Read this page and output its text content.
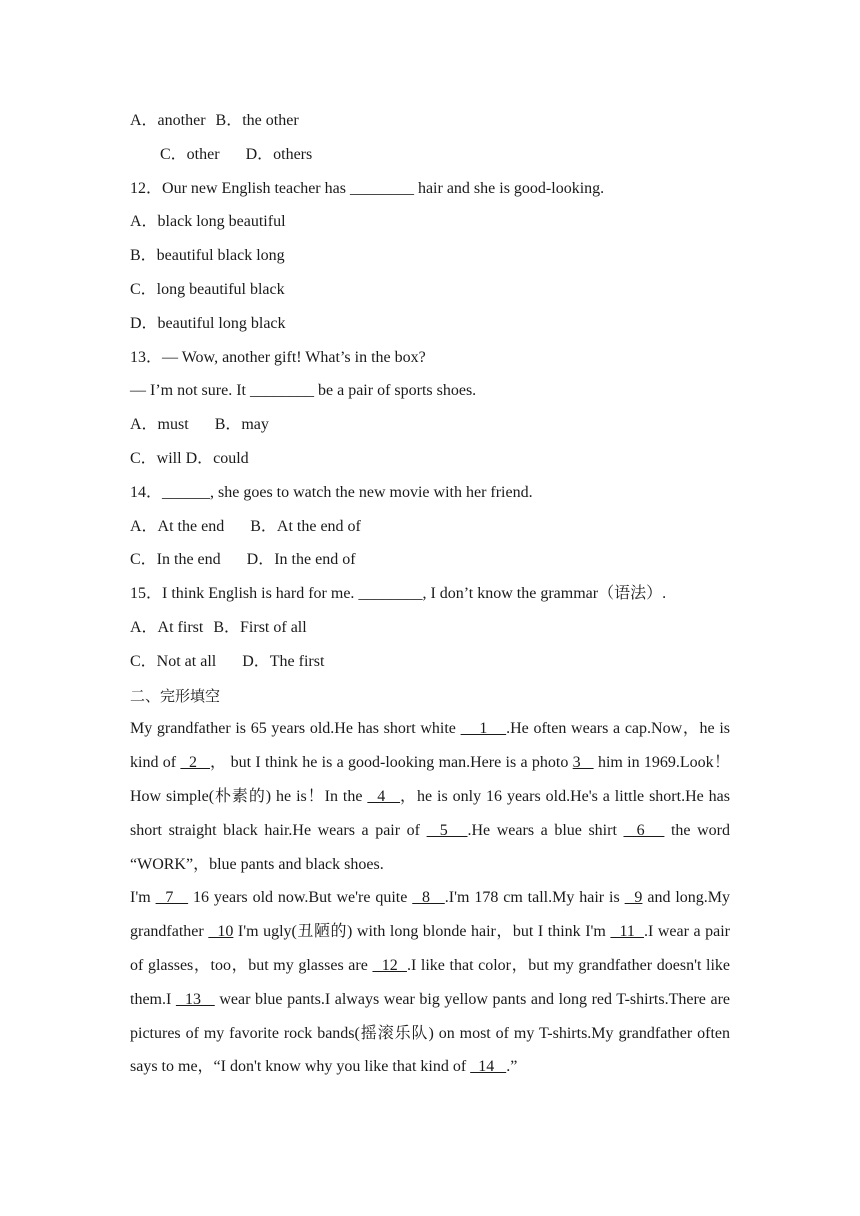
A．another B．the other
C．other D．others
12．Our new English teacher has ________ hair and she is good-looking.
A．black long beautiful
B．beautiful black long
C．long beautiful black
D．beautiful long black
13．— Wow, another gift! What’s in the box?
— I’m not sure. It ________ be a pair of sports shoes.
A．must B．may
C．will D．could
14．______, she goes to watch the new movie with her friend.
A．At the end B．At the end of
C．In the end D．In the end of
15．I think English is hard for me. ________, I don’t know the grammar（语法）.
A．At first B．First of all
C．Not at all D．The first
二、完形填空

My grandfather is 65 years old.He has short white     1    .He often wears a cap.Now，he is kind of   2   ， but I think he is a good-looking man.Here is a photo 3    him in 1969.Look！How simple(朴素的) he is！In the   4   ，he is only 16 years old.He's a little short.He has short straight black hair.He wears a pair of   5   .He wears a blue shirt   6    the word “WORK”，blue pants and black shoes.

I'm   7    16 years old now.But we're quite   8   .I'm 178 cm tall.My hair is   9 and long.My grandfather   10 I'm ugly(丑陋的) with long blonde hair，but I think I'm   11  .I wear a pair of glasses，too，but my glasses are   12  .I like that color，but my grandfather doesn't like them.I   13    wear blue pants.I always wear big yellow pants and long red T-shirts.There are pictures of my favorite rock bands(摇滚乐队) on most of my T-shirts.My grandfather often says to me，“I don't know why you like that kind of   14   .”
